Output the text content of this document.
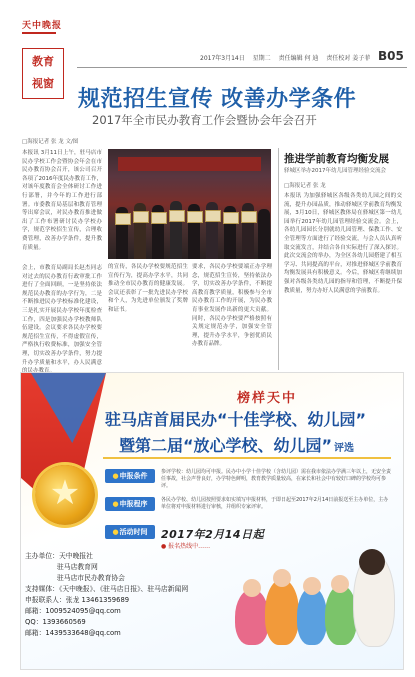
天中晚报
教育
视窗
2017年3月14日 星期二 责任编辑 何 迪 责任校对 姜子菲 B05
规范招生宣传 改善办学条件
2017年全市民办教育工作会暨协会年会召开
□海报记者 张 龙 文/图
本报讯 3月11日上午，驻马店市民办学校工作会暨协会年会在市民办教育协会召开，该公司召开各项了2016年度民办教育工作，对该年度教育会全体研讨工作进行部署，并今年的工作进行部署。市委教育局基层和教育管理等出席会议，对民办教育推进做出了工作布署研讨民办学校办学，规范学校招生宣传，合理收费管理，改善办学条件，提升教育质量。
会上，市教育局副局长赵杰同志对过去的民办教育行政审批工作进行了全面回顾，一是坚持依法规范民办教育的办学行为，二是不断推进民办学校标准化建设，三是扎实开展民办学校年度检查工作，四是加强民办学校教师队伍建设。会议要求各民办学校要规范招生宣传，不得虚假宣传，严格执行收费标准，加强安全管理，切实改善办学条件，努力提升办学质量和水平，办人民满意
的宣传，各民办学校要规范招生宣传行为，提高办学水平，共同推动全市民办教育的健康发展。会议还表彰了一批先进民办学校和个人，为先进单位颁发了奖牌和证书。
要求，各民办学校要端正办学理念，规范招生宣传，坚持依法办学，切实改善办学条件，不断提高教育教学质量，积极参与全市民办教育工作的开展，为民办教育事业发展作出新的更大贡献。同时，各民办学校要严格按照有关规定规范办学，加强安全管理，提升办学水平，争创优质民办教育品牌。
推进学前教育均衡发展
驿城区举办2017年幼儿园管理经验交流会
□海报记者 张 龙
本报讯 为加强驿城区各级各类幼儿园之间的交流，提升办园品质，推动驿城区学前教育均衡发展，3月10日，驿城区教体局在驿城区第一幼儿园举行2017年幼儿园管理经验交流会。会上，各幼儿园园长分别就幼儿园管理、保教工作、安全管理等方面进行了经验交流，与会人员认真听取交流发言，并结合各自实际进行了深入探讨。此次交流会的举办，为全区各幼儿园搭建了相互学习、共同提高的平台，对推进驿城区学前教育均衡发展具有积极意义。今后，驿城区将继续加强对各级各类幼儿园的指导和管理，不断提升保教质量，努力办好人民满意的学前教育。
★
榜样天中
驻马店首届民办“十佳学校、幼儿园”
暨第二届“放心学校、幼儿园” 评选
●申报条件	参评学校：幼儿园均可申报。民办中小学十佳学校（含幼儿园）需在我市依法办学满三年以上，无安全责任事故，社会声誉良好，办学特色鲜明，教育教学质量较高，在家长和社会中有较好口碑的学校均可参评。
●申报程序	各民办学校、幼儿园按照要求如实填写申报材料，于即日起至2017年2月14日前报送至主办单位，主办单位将对申报材料进行审核，并组织专家评审。
●活动时间	2017年2月14日起
● 报名热线中……
主办单位：天中晚报社
驻马店教育网
驻马店市民办教育协会
支持媒体：《天中晚报》、《驻马店日报》、驻马店新闻网
申报联系人：张龙 13461359689
邮箱：1009524095@qq.com
QQ：1393660569
邮箱：1439533648@qq.com
